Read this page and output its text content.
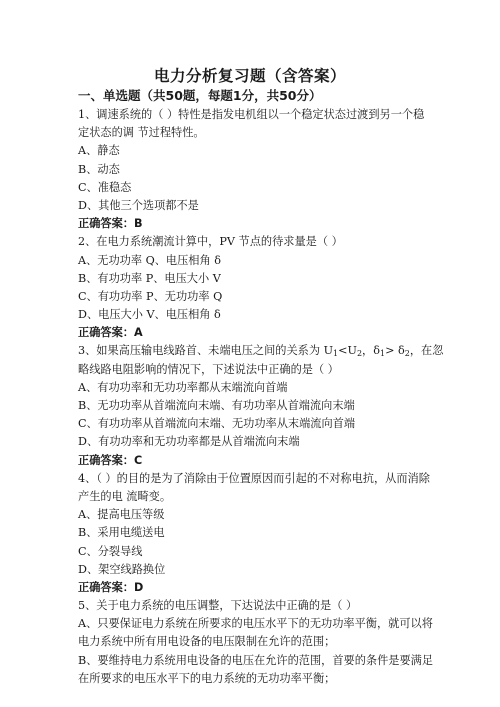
电力分析复习题（含答案）
一、单选题（共50题，每题1分，共50分）
1、调速系统的（ ）特性是指发电机组以一个稳定状态过渡到另一个稳
定状态的调 节过程特性。
A、静态
B、动态
C、准稳态
D、其他三个选项都不是
正确答案：B
2、在电力系统潮流计算中，PV 节点的待求量是（ ）
A、无功功率 Q、电压相角 δ
B、有功功率 P、电压大小 V
C、有功功率 P、无功功率 Q
D、电压大小 V、电压相角 δ
正确答案：A
3、如果高压输电线路首、未端电压之间的关系为 $U_1<U_2$，$\delta_1> \delta_2$，在忽
略线路电阻影响的情况下，下述说法中正确的是（ ）
A、有功功率和无功功率都从末端流向首端
B、无功功率从首端流向末端、有功功率从首端流向末端
C、有功功率从首端流向末端、无功功率从末端流向首端
D、有功功率和无功功率都是从首端流向末端
正确答案：C
4、（ ）的目的是为了消除由于位置原因而引起的不对称电抗，从而消除
产生的电 流畸变。
A、提高电压等级
B、采用电缆送电
C、分裂导线
D、架空线路换位
正确答案：D
5、关于电力系统的电压调整，下达说法中正确的是（ ）
A、只要保证电力系统在所要求的电压水平下的无功功率平衡，就可以将
电力系统中所有用电设备的电压限制在允许的范围；
B、要维持电力系统用电设备的电压在允许的范围，首要的条件是要满足
在所要求的电压水平下的电力系统的无功功率平衡；
